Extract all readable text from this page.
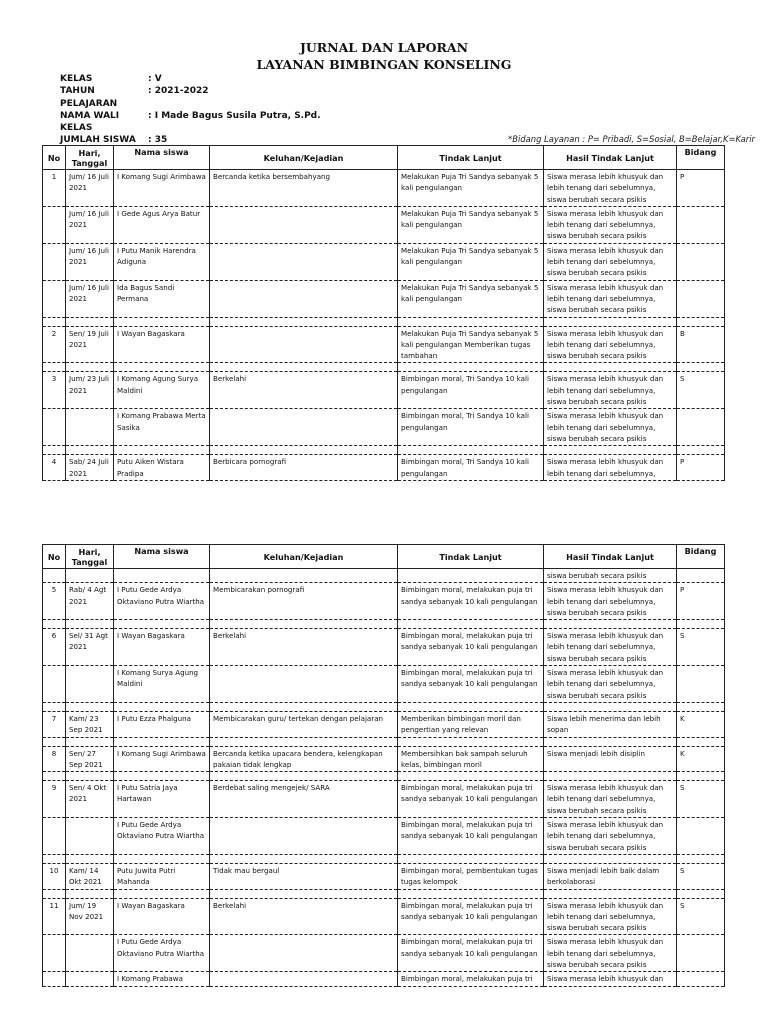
JURNAL DAN LAPORAN
LAYANAN BIMBINGAN KONSELING
KELAS	: V
TAHUN PELAJARAN
: 2021-2022
NAMA WALI KELAS
: I Made Bagus Susila Putra, S.Pd.
JUMLAH SISWA	: 35	*Bidang Layanan : P= Pribadi, S=Sosial, B=Belajar,K=Karir
No	Hari, Tanggal	Nama siswa	Keluhan/Kejadian	Tindak Lanjut	Hasil Tindak Lanjut	Bidang
1	Jum/ 16 Juli 2021	I Komang Sugi Arimbawa	Bercanda ketika bersembahyang	Melakukan Puja Tri Sandya sebanyak 5 kali pengulangan	Siswa merasa lebih khusyuk dan lebih tenang dari sebelumnya, siswa berubah secara psikis	P
	Jum/ 16 Juli 2021	I Gede Agus Arya Batur		Melakukan Puja Tri Sandya sebanyak 5 kali pengulangan	Siswa merasa lebih khusyuk dan lebih tenang dari sebelumnya, siswa berubah secara psikis	
	Jum/ 16 Juli 2021	I Putu Manik Harendra Adiguna		Melakukan Puja Tri Sandya sebanyak 5 kali pengulangan	Siswa merasa lebih khusyuk dan lebih tenang dari sebelumnya, siswa berubah secara psikis	
	Jum/ 16 Juli 2021	Ida Bagus Sandi Permana		Melakukan Puja Tri Sandya sebanyak 5 kali pengulangan	Siswa merasa lebih khusyuk dan lebih tenang dari sebelumnya, siswa berubah secara psikis	

2	Sen/ 19 Juli 2021	I Wayan Bagaskara		Melakukan Puja Tri Sandya sebanyak 5 kali pengulangan Memberikan tugas tambahan	Siswa merasa lebih khusyuk dan lebih tenang dari sebelumnya, siswa berubah secara psikis	B

3	Jum/ 23 Juli 2021	I Komang Agung Surya Maldini	Berkelahi	Bimbingan moral, Tri Sandya 10 kali pengulangan	Siswa merasa lebih khusyuk dan lebih tenang dari sebelumnya, siswa berubah secara psikis	S
		I Komang Prabawa Merta Sasika		Bimbingan moral, Tri Sandya 10 kali pengulangan	Siswa merasa lebih khusyuk dan lebih tenang dari sebelumnya, siswa berubah secara psikis	

4	Sab/ 24 Juli 2021	Putu Aiken Wistara Pradipa	Berbicara pornografi	Bimbingan moral, Tri Sandya 10 kali pengulangan	Siswa merasa lebih khusyuk dan lebih tenang dari sebelumnya,	P
No	Hari, Tanggal	Nama siswa	Keluhan/Kejadian	Tindak Lanjut	Hasil Tindak Lanjut	Bidang
					siswa berubah secara psikis	
5	Rab/ 4 Agt 2021	I Putu Gede Ardya Oktaviano Putra Wiartha	Membicarakan pornografi	Bimbingan moral, melakukan puja tri sandya sebanyak 10 kali pengulangan	Siswa merasa lebih khusyuk dan lebih tenang dari sebelumnya, siswa berubah secara psikis	P

6	Sel/ 31 Agt 2021	I Wayan Bagaskara	Berkelahi	Bimbingan moral, melakukan puja tri sandya sebanyak 10 kali pengulangan	Siswa merasa lebih khusyuk dan lebih tenang dari sebelumnya, siswa berubah secara psikis	S
		I Komang Surya Agung Maldini		Bimbingan moral, melakukan puja tri sandya sebanyak 10 kali pengulangan	Siswa merasa lebih khusyuk dan lebih tenang dari sebelumnya, siswa berubah secara psikis	

7	Kam/ 23 Sep 2021	I Putu Ezza Phalguna	Membicarakan guru/ tertekan dengan pelajaran	Memberikan bimbingan moril dan pengertian yang relevan	Siswa lebih menerima dan lebih sopan	K

8	Sen/ 27 Sep 2021	I Komang Sugi Arimbawa	Bercanda ketika upacara bendera, kelengkapan pakaian tidak lengkap	Membersihkan bak sampah seluruh kelas, bimbingan moril	Siswa menjadi lebih disiplin	K

9	Sen/ 4 Okt 2021	I Putu Satria Jaya Hartawan	Berdebat saling mengejek/ SARA	Bimbingan moral, melakukan puja tri sandya sebanyak 10 kali pengulangan	Siswa merasa lebih khusyuk dan lebih tenang dari sebelumnya, siswa berubah secara psikis	S
		I Putu Gede Ardya Oktaviano Putra Wiartha		Bimbingan moral, melakukan puja tri sandya sebanyak 10 kali pengulangan	Siswa merasa lebih khusyuk dan lebih tenang dari sebelumnya, siswa berubah secara psikis	

10	Kam/ 14 Okt 2021	Putu Juwita Putri Mahanda	Tidak mau bergaul	Bimbingan moral, pembentukan tugas tugas kelompok	Siswa menjadi lebih baik dalam berkolaborasi	S

11	Jum/ 19 Nov 2021	I Wayan Bagaskara	Berkelahi	Bimbingan moral, melakukan puja tri sandya sebanyak 10 kali pengulangan	Siswa merasa lebih khusyuk dan lebih tenang dari sebelumnya, siswa berubah secara psikis	S
		I Putu Gede Ardya Oktaviano Putra Wiartha		Bimbingan moral, melakukan puja tri sandya sebanyak 10 kali pengulangan	Siswa merasa lebih khusyuk dan lebih tenang dari sebelumnya, siswa berubah secara psikis	
		I Komang Prabawa		Bimbingan moral, melakukan puja tri	Siswa merasa lebih khusyuk dan	
